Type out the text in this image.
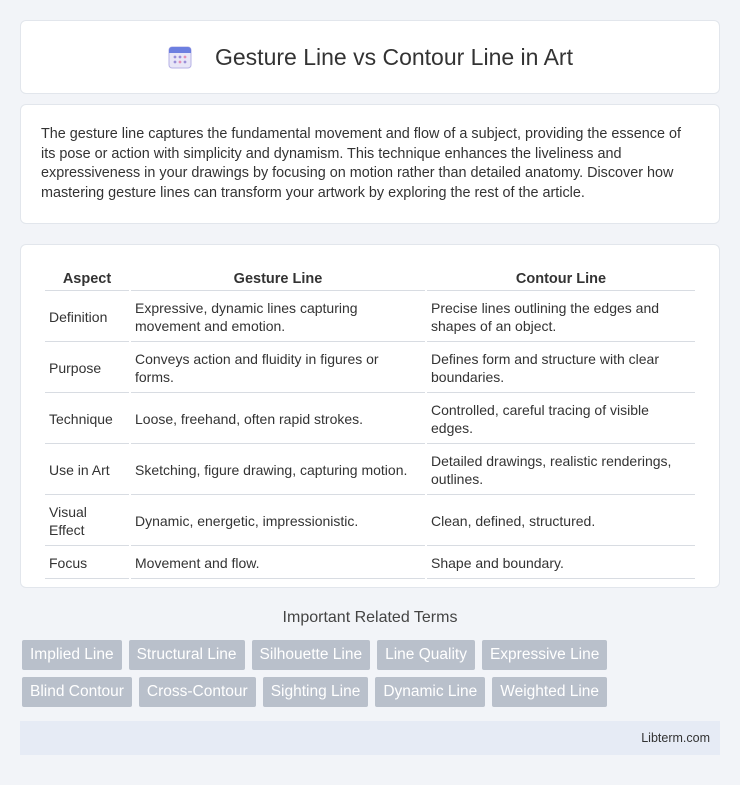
Gesture Line vs Contour Line in Art

The gesture line captures the fundamental movement and flow of a subject, providing the essence of its pose or action with simplicity and dynamism. This technique enhances the liveliness and expressiveness in your drawings by focusing on motion rather than detailed anatomy. Discover how mastering gesture lines can transform your artwork by exploring the rest of the article.

Aspect	Gesture Line	Contour Line
Definition	Expressive, dynamic lines capturing movement and emotion.	Precise lines outlining the edges and shapes of an object.
Purpose	Conveys action and fluidity in figures or forms.	Defines form and structure with clear boundaries.
Technique	Loose, freehand, often rapid strokes.	Controlled, careful tracing of visible edges.
Use in Art	Sketching, figure drawing, capturing motion.	Detailed drawings, realistic renderings, outlines.
Visual Effect	Dynamic, energetic, impressionistic.	Clean, defined, structured.
Focus	Movement and flow.	Shape and boundary.
Important Related Terms
Implied Line	Structural Line	Silhouette Line	Line Quality	Expressive Line
Blind Contour	Cross-Contour	Sighting Line	Dynamic Line	Weighted Line
Libterm.com
